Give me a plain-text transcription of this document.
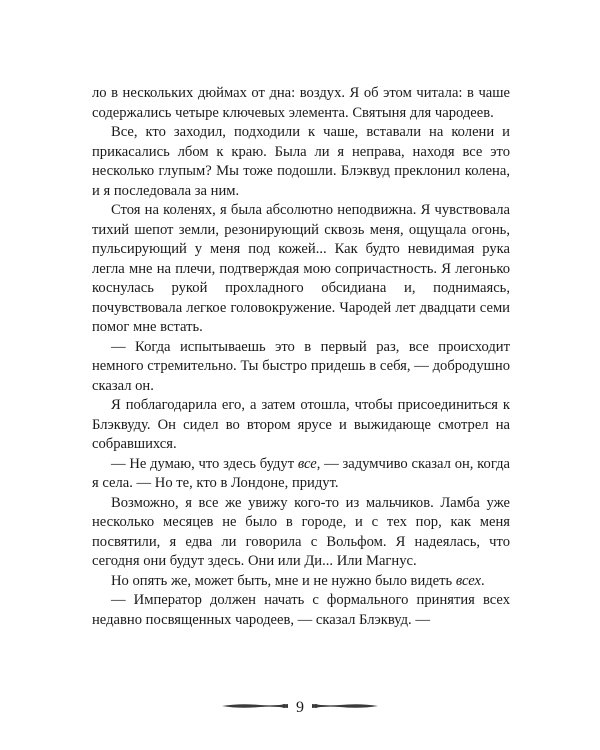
ло в нескольких дюймах от дна: воздух. Я об этом читала: в чаше содержались четыре ключевых элемента. Святыня для чародеев.

Все, кто заходил, подходили к чаше, вставали на колени и прикасались лбом к краю. Была ли я неправа, находя все это несколько глупым? Мы тоже подошли. Блэквуд преклонил колена, и я последовала за ним.

Стоя на коленях, я была абсолютно неподвижна. Я чувствовала тихий шепот земли, резонирующий сквозь меня, ощущала огонь, пульсирующий у меня под кожей... Как будто невидимая рука легла мне на плечи, подтверждая мою сопричастность. Я легонько коснулась рукой прохладного обсидиана и, поднимаясь, почувствовала легкое головокружение. Чародей лет двадцати семи помог мне встать.

— Когда испытываешь это в первый раз, все происходит немного стремительно. Ты быстро придешь в себя, — добродушно сказал он.

Я поблагодарила его, а затем отошла, чтобы присоединиться к Блэквуду. Он сидел во втором ярусе и выжидающе смотрел на собравшихся.

— Не думаю, что здесь будут все, — задумчиво сказал он, когда я села. — Но те, кто в Лондоне, придут.

Возможно, я все же увижу кого-то из мальчиков. Ламба уже несколько месяцев не было в городе, и с тех пор, как меня посвятили, я едва ли говорила с Вольфом. Я надеялась, что сегодня они будут здесь. Они или Ди... Или Магнус.

Но опять же, может быть, мне и не нужно было видеть всех.

— Император должен начать с формального принятия всех недавно посвященных чародеев, — сказал Блэквуд. —

9
